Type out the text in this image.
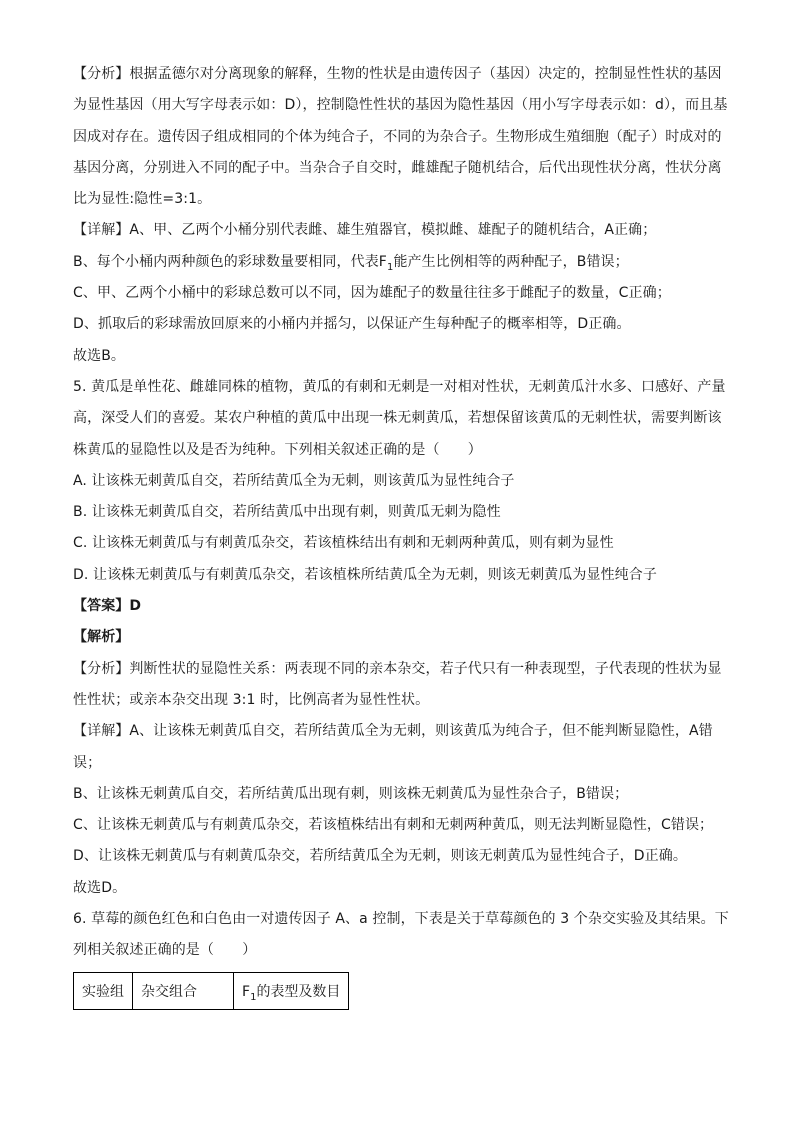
【分析】根据孟德尔对分离现象的解释，生物的性状是由遗传因子（基因）决定的，控制显性性状的基因

为显性基因（用大写字母表示如：D），控制隐性性状的基因为隐性基因（用小写字母表示如：d），而且基

因成对存在。遗传因子组成相同的个体为纯合子，不同的为杂合子。生物形成生殖细胞（配子）时成对的

基因分离，分别进入不同的配子中。当杂合子自交时，雌雄配子随机结合，后代出现性状分离，性状分离

比为显性:隐性=3:1。

【详解】A、甲、乙两个小桶分别代表雌、雄生殖器官，模拟雌、雄配子的随机结合，A正确；

B、每个小桶内两种颜色的彩球数量要相同，代表$F_1$能产生比例相等的两种配子，B错误；

C、甲、乙两个小桶中的彩球总数可以不同，因为雄配子的数量往往多于雌配子的数量，C正确；

D、抓取后的彩球需放回原来的小桶内并摇匀，以保证产生每种配子的概率相等，D正确。

故选B。

5. 黄瓜是单性花、雌雄同株的植物，黄瓜的有刺和无刺是一对相对性状，无刺黄瓜汁水多、口感好、产量

高，深受人们的喜爱。某农户种植的黄瓜中出现一株无刺黄瓜，若想保留该黄瓜的无刺性状，需要判断该

株黄瓜的显隐性以及是否为纯种。下列相关叙述正确的是（　　）

A. 让该株无刺黄瓜自交，若所结黄瓜全为无刺，则该黄瓜为显性纯合子

B. 让该株无刺黄瓜自交，若所结黄瓜中出现有刺，则黄瓜无刺为隐性

C. 让该株无刺黄瓜与有刺黄瓜杂交，若该植株结出有刺和无刺两种黄瓜，则有刺为显性

D. 让该株无刺黄瓜与有刺黄瓜杂交，若该植株所结黄瓜全为无刺，则该无刺黄瓜为显性纯合子

【答案】D

【解析】

【分析】判断性状的显隐性关系：两表现不同的亲本杂交，若子代只有一种表现型，子代表现的性状为显

性性状；或亲本杂交出现 3:1 时，比例高者为显性性状。

【详解】A、让该株无刺黄瓜自交，若所结黄瓜全为无刺，则该黄瓜为纯合子，但不能判断显隐性，A错

误；

B、让该株无刺黄瓜自交，若所结黄瓜出现有刺，则该株无刺黄瓜为显性杂合子，B错误；

C、让该株无刺黄瓜与有刺黄瓜杂交，若该植株结出有刺和无刺两种黄瓜，则无法判断显隐性，C错误；

D、让该株无刺黄瓜与有刺黄瓜杂交，若所结黄瓜全为无刺，则该无刺黄瓜为显性纯合子，D正确。

故选D。

6. 草莓的颜色红色和白色由一对遗传因子 A、a 控制，下表是关于草莓颜色的 3 个杂交实验及其结果。下

列相关叙述正确的是（　　）

实验组	杂交组合	$F_1$的表型及数目
